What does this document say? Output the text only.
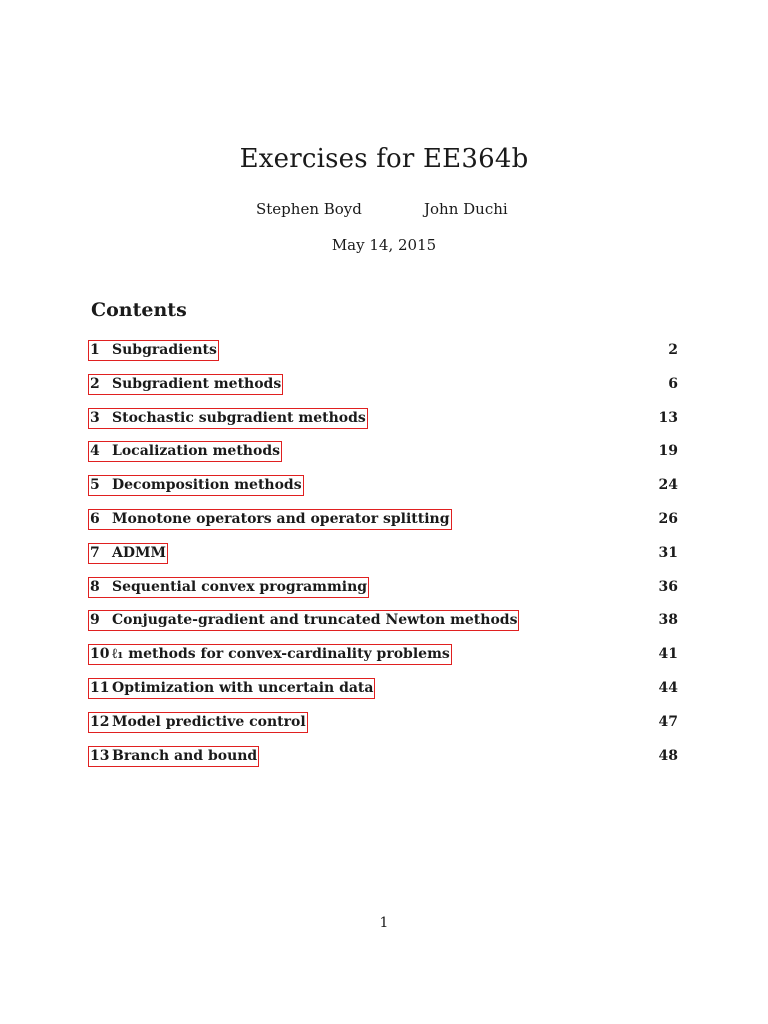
Exercises for EE364b
Stephen Boyd	John Duchi
May 14, 2015
Contents
1 Subgradients	2
2 Subgradient methods	6
3 Stochastic subgradient methods	13
4 Localization methods	19
5 Decomposition methods	24
6 Monotone operators and operator splitting	26
7 ADMM	31
8 Sequential convex programming	36
9 Conjugate-gradient and truncated Newton methods	38
10 ℓ₁ methods for convex-cardinality problems	41
11 Optimization with uncertain data	44
12 Model predictive control	47
13 Branch and bound	48
1
